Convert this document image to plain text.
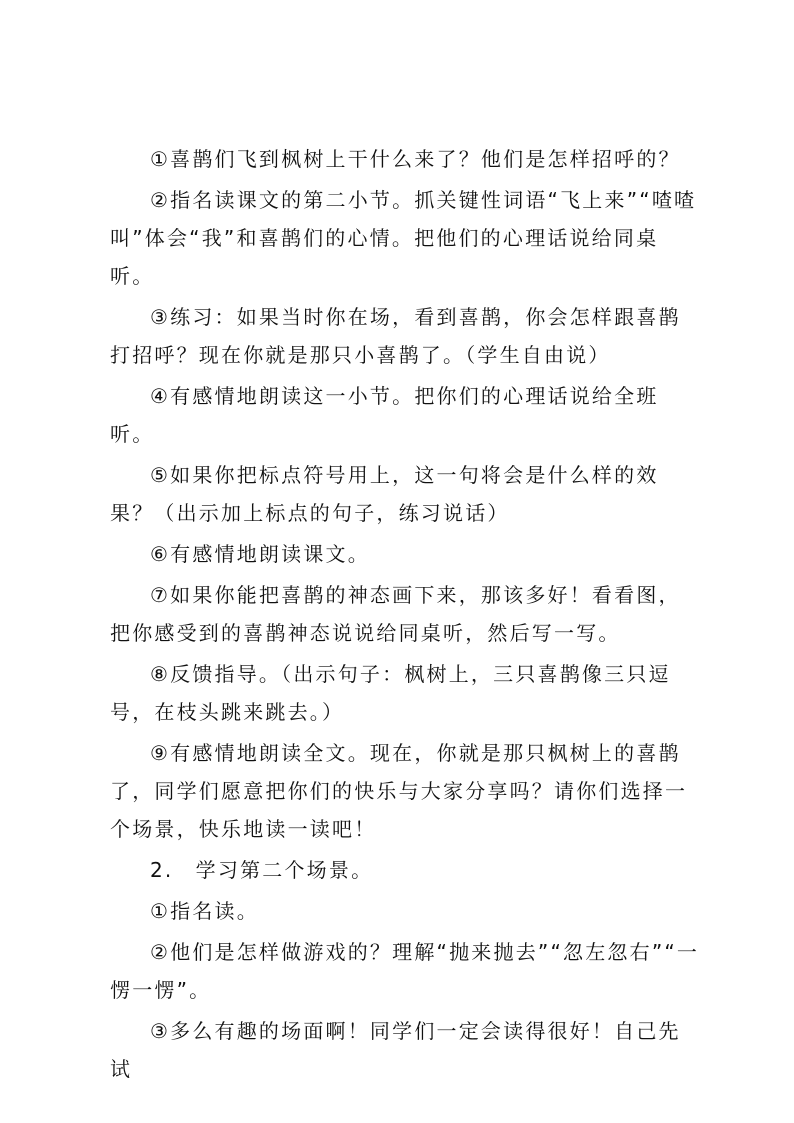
①喜鹊们飞到枫树上干什么来了？他们是怎样招呼的？

②指名读课文的第二小节。抓关键性词语“飞上来”“喳喳叫”体会“我”和喜鹊们的心情。把他们的心理话说给同桌听。

③练习：如果当时你在场，看到喜鹊，你会怎样跟喜鹊打招呼？现在你就是那只小喜鹊了。（学生自由说）

④有感情地朗读这一小节。把你们的心理话说给全班听。

⑤如果你把标点符号用上，这一句将会是什么样的效果？（出示加上标点的句子，练习说话）

⑥有感情地朗读课文。

⑦如果你能把喜鹊的神态画下来，那该多好！看看图，把你感受到的喜鹊神态说说给同桌听，然后写一写。

⑧反馈指导。（出示句子：枫树上，三只喜鹊像三只逗号，在枝头跳来跳去。）

⑨有感情地朗读全文。现在，你就是那只枫树上的喜鹊了，同学们愿意把你们的快乐与大家分享吗？请你们选择一个场景，快乐地读一读吧！

2.　学习第二个场景。

①指名读。

②他们是怎样做游戏的？理解“抛来抛去”“忽左忽右”“一愣一愣”。

③多么有趣的场面啊！同学们一定会读得很好！自己先试
